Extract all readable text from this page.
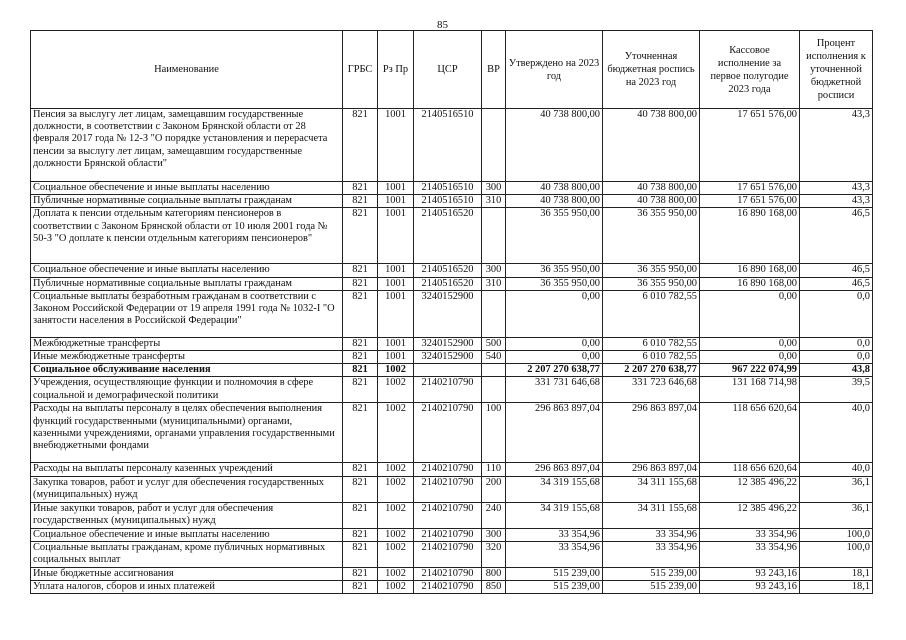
85
Наименование	ГРБС	Рз Пр	ЦСР	ВР	Утверждено на 2023 год	Уточненная бюджетная роспись на 2023 год	Кассовое исполнение за первое полугодие 2023 года	Процент исполнения к уточненной бюджетной росписи
Пенсия за выслугу лет лицам, замещавшим государственные должности, в соответствии с Законом Брянской области от 28 февраля 2017 года № 12-З "О порядке установления и перерасчета пенсии за выслугу лет лицам, замещавшим государственные должности Брянской области"	821	1001	2140516510		40 738 800,00	40 738 800,00	17 651 576,00	43,3
Социальное обеспечение и иные выплаты населению	821	1001	2140516510	300	40 738 800,00	40 738 800,00	17 651 576,00	43,3
Публичные нормативные социальные выплаты гражданам	821	1001	2140516510	310	40 738 800,00	40 738 800,00	17 651 576,00	43,3
Доплата к пенсии отдельным категориям пенсионеров в соответствии с Законом Брянской области от 10 июля 2001 года № 50-З "О доплате к пенсии отдельным категориям пенсионеров"	821	1001	2140516520		36 355 950,00	36 355 950,00	16 890 168,00	46,5
Социальное обеспечение и иные выплаты населению	821	1001	2140516520	300	36 355 950,00	36 355 950,00	16 890 168,00	46,5
Публичные нормативные социальные выплаты гражданам	821	1001	2140516520	310	36 355 950,00	36 355 950,00	16 890 168,00	46,5
Социальные выплаты безработным гражданам в соответствии с Законом Российской Федерации от 19 апреля 1991 года № 1032-I "О занятости населения в Российской Федерации"	821	1001	3240152900		0,00	6 010 782,55	0,00	0,0
Межбюджетные трансферты	821	1001	3240152900	500	0,00	6 010 782,55	0,00	0,0
Иные межбюджетные трансферты	821	1001	3240152900	540	0,00	6 010 782,55	0,00	0,0
Социальное обслуживание населения	821	1002			2 207 270 638,77	2 207 270 638,77	967 222 074,99	43,8
Учреждения, осуществляющие функции и полномочия в сфере социальной и демографической политики	821	1002	2140210790		331 731 646,68	331 723 646,68	131 168 714,98	39,5
Расходы на выплаты персоналу в целях обеспечения выполнения функций государственными (муниципальными) органами, казенными учреждениями, органами управления государственными внебюджетными фондами	821	1002	2140210790	100	296 863 897,04	296 863 897,04	118 656 620,64	40,0
Расходы на выплаты персоналу казенных учреждений	821	1002	2140210790	110	296 863 897,04	296 863 897,04	118 656 620,64	40,0
Закупка товаров, работ и услуг для обеспечения государственных (муниципальных) нужд	821	1002	2140210790	200	34 319 155,68	34 311 155,68	12 385 496,22	36,1
Иные закупки товаров, работ и услуг для обеспечения государственных (муниципальных) нужд	821	1002	2140210790	240	34 319 155,68	34 311 155,68	12 385 496,22	36,1
Социальное обеспечение и иные выплаты населению	821	1002	2140210790	300	33 354,96	33 354,96	33 354,96	100,0
Социальные выплаты гражданам, кроме публичных нормативных социальных выплат	821	1002	2140210790	320	33 354,96	33 354,96	33 354,96	100,0
Иные бюджетные ассигнования	821	1002	2140210790	800	515 239,00	515 239,00	93 243,16	18,1
Уплата налогов, сборов и иных платежей	821	1002	2140210790	850	515 239,00	515 239,00	93 243,16	18,1
